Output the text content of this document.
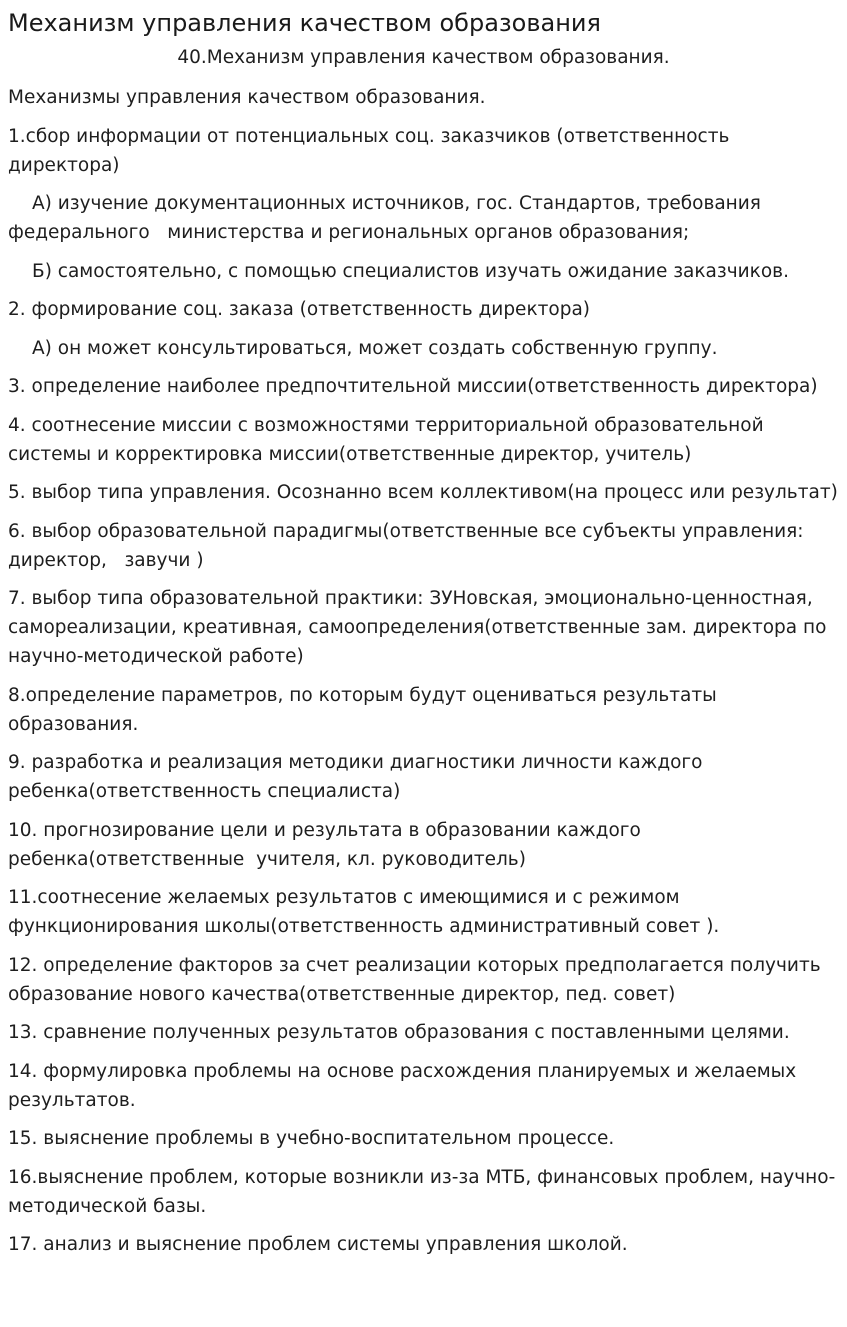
Механизм управления качеством образования
40.Механизм управления качеством образования.

Механизмы управления качеством образования.

1.сбор информации от потенциальных соц. заказчиков (ответственность директора)

А) изучение документационных источников, гос. Стандартов, требования федерального   министерства и региональных органов образования;

Б) самостоятельно, с помощью специалистов изучать ожидание заказчиков.

2. формирование соц. заказа (ответственность директора)

А) он может консультироваться, может создать собственную группу.

3. определение наиболее предпочтительной миссии(ответственность директора)

4. соотнесение миссии с возможностями территориальной образовательной системы и корректировка миссии(ответственные директор, учитель)

5. выбор типа управления. Осознанно всем коллективом(на процесс или результат)

6. выбор образовательной парадигмы(ответственные все субъекты управления: директор,   завучи )

7. выбор типа образовательной практики: ЗУНовская, эмоционально-ценностная, самореализации, креативная, самоопределения(ответственные зам. директора по научно-методической работе)

8.определение параметров, по которым будут оцениваться результаты образования.

9. разработка и реализация методики диагностики личности каждого ребенка(ответственность специалиста)

10. прогнозирование цели и результата в образовании каждого ребенка(ответственные  учителя, кл. руководитель)

11.соотнесение желаемых результатов с имеющимися и с режимом функционирования школы(ответственность административный совет ).

12. определение факторов за счет реализации которых предполагается получить образование нового качества(ответственные директор, пед. совет)

13. сравнение полученных результатов образования с поставленными целями.

14. формулировка проблемы на основе расхождения планируемых и желаемых результатов.

15. выяснение проблемы в учебно-воспитательном процессе.

16.выяснение проблем, которые возникли из-за МТБ, финансовых проблем, научно-методической базы.

17. анализ и выяснение проблем системы управления школой.
